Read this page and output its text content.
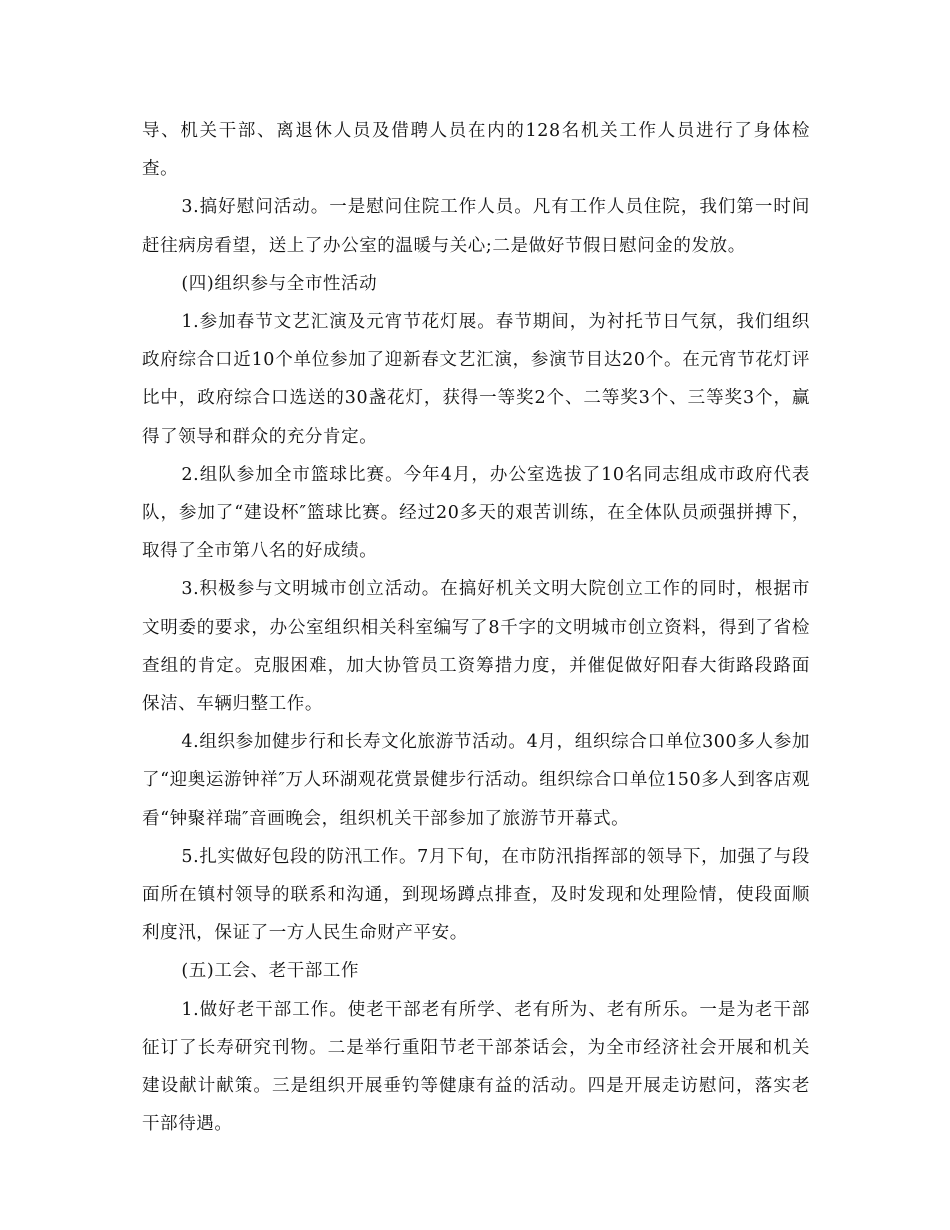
导、机关干部、离退休人员及借聘人员在内的128名机关工作人员进行了身体检查。

3.搞好慰问活动。一是慰问住院工作人员。凡有工作人员住院，我们第一时间赶往病房看望，送上了办公室的温暖与关心;二是做好节假日慰问金的发放。

(四)组织参与全市性活动

1.参加春节文艺汇演及元宵节花灯展。春节期间，为衬托节日气氛，我们组织政府综合口近10个单位参加了迎新春文艺汇演，参演节目达20个。在元宵节花灯评比中，政府综合口选送的30盏花灯，获得一等奖2个、二等奖3个、三等奖3个，赢得了领导和群众的充分肯定。

2.组队参加全市篮球比赛。今年4月，办公室选拔了10名同志组成市政府代表队，参加了“建设杯″篮球比赛。经过20多天的艰苦训练，在全体队员顽强拼搏下，取得了全市第八名的好成绩。

3.积极参与文明城市创立活动。在搞好机关文明大院创立工作的同时，根据市文明委的要求，办公室组织相关科室编写了8千字的文明城市创立资料，得到了省检查组的肯定。克服困难，加大协管员工资筹措力度，并催促做好阳春大街路段路面保洁、车辆归整工作。

4.组织参加健步行和长寿文化旅游节活动。4月，组织综合口单位300多人参加了“迎奥运游钟祥″万人环湖观花赏景健步行活动。组织综合口单位150多人到客店观看“钟聚祥瑞″音画晚会，组织机关干部参加了旅游节开幕式。

5.扎实做好包段的防汛工作。7月下旬，在市防汛指挥部的领导下，加强了与段面所在镇村领导的联系和沟通，到现场蹲点排查，及时发现和处理险情，使段面顺利度汛，保证了一方人民生命财产平安。

(五)工会、老干部工作

1.做好老干部工作。使老干部老有所学、老有所为、老有所乐。一是为老干部征订了长寿研究刊物。二是举行重阳节老干部茶话会，为全市经济社会开展和机关建设献计献策。三是组织开展垂钓等健康有益的活动。四是开展走访慰问，落实老干部待遇。
